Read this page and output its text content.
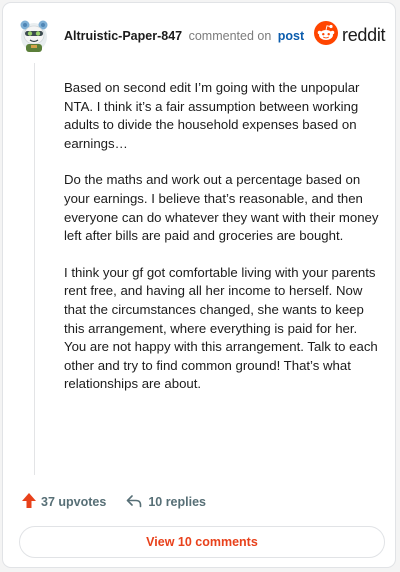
Altruistic-Paper-847 commented on post reddit

Based on second edit I’m going with the unpopular NTA. I think it’s a fair assumption between working adults to divide the household expenses based on earnings…

Do the maths and work out a percentage based on your earnings. I believe that’s reasonable, and then everyone can do whatever they want with their money left after bills are paid and groceries are bought.

I think your gf got comfortable living with your parents rent free, and having all her income to herself. Now that the circumstances changed, she wants to keep this arrangement, where everything is paid for her. You are not happy with this arrangement. Talk to each other and try to find common ground! That’s what relationships are about.

37 upvotes	10 replies
View 10 comments
